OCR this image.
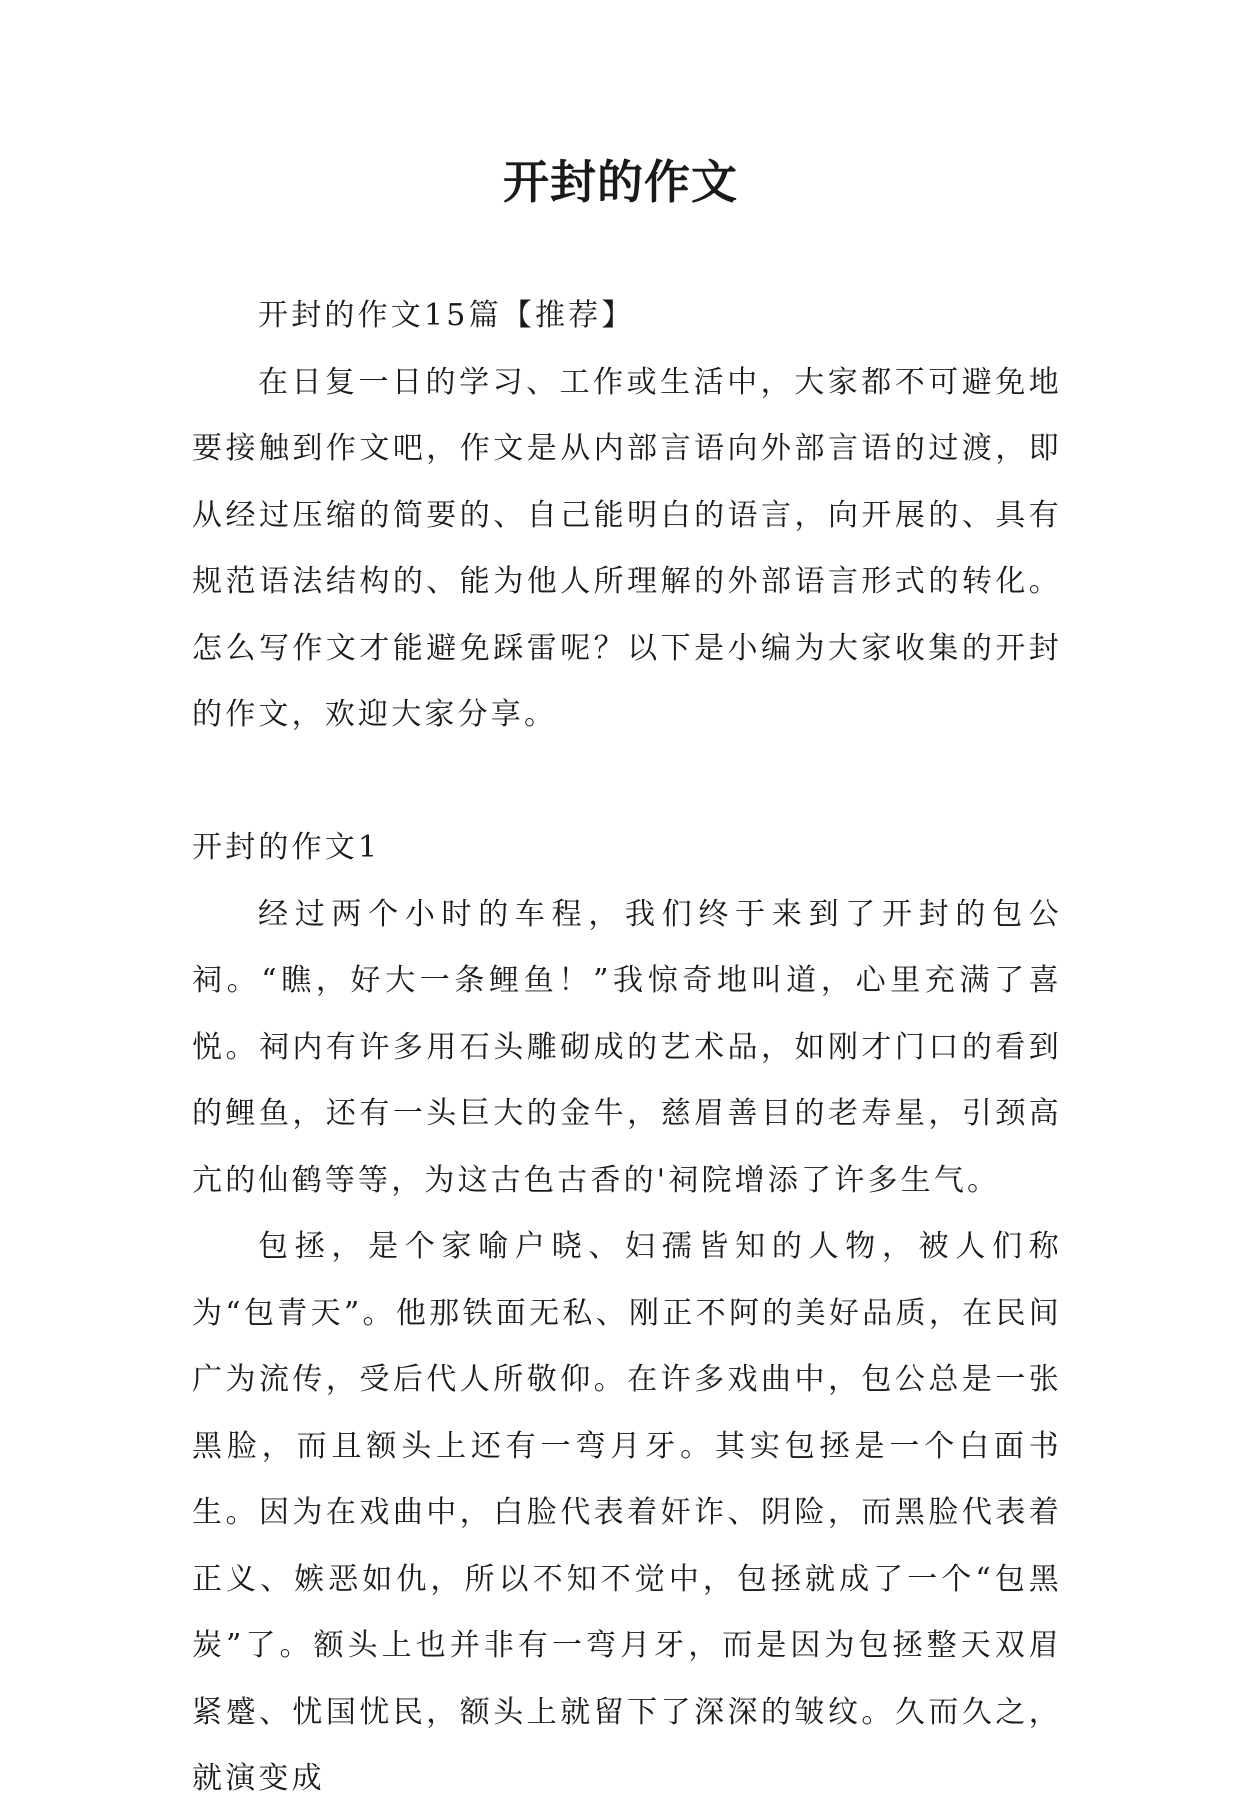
开封的作文

开封的作文15篇【推荐】

在日复一日的学习、工作或生活中，大家都不可避免地要接触到作文吧，作文是从内部言语向外部言语的过渡，即从经过压缩的简要的、自己能明白的语言，向开展的、具有规范语法结构的、能为他人所理解的外部语言形式的转化。怎么写作文才能避免踩雷呢？以下是小编为大家收集的开封的作文，欢迎大家分享。

开封的作文1

经过两个小时的车程，我们终于来到了开封的包公祠。“瞧，好大一条鲤鱼！”我惊奇地叫道，心里充满了喜悦。祠内有许多用石头雕砌成的艺术品，如刚才门口的看到的鲤鱼，还有一头巨大的金牛，慈眉善目的老寿星，引颈高亢的仙鹤等等，为这古色古香的'祠院增添了许多生气。

包拯，是个家喻户晓、妇孺皆知的人物，被人们称为“包青天”。他那铁面无私、刚正不阿的美好品质，在民间广为流传，受后代人所敬仰。在许多戏曲中，包公总是一张黑脸，而且额头上还有一弯月牙。其实包拯是一个白面书生。因为在戏曲中，白脸代表着奸诈、阴险，而黑脸代表着正义、嫉恶如仇，所以不知不觉中，包拯就成了一个“包黑炭”了。额头上也并非有一弯月牙，而是因为包拯整天双眉紧蹙、忧国忧民，额头上就留下了深深的皱纹。久而久之，就演变成
